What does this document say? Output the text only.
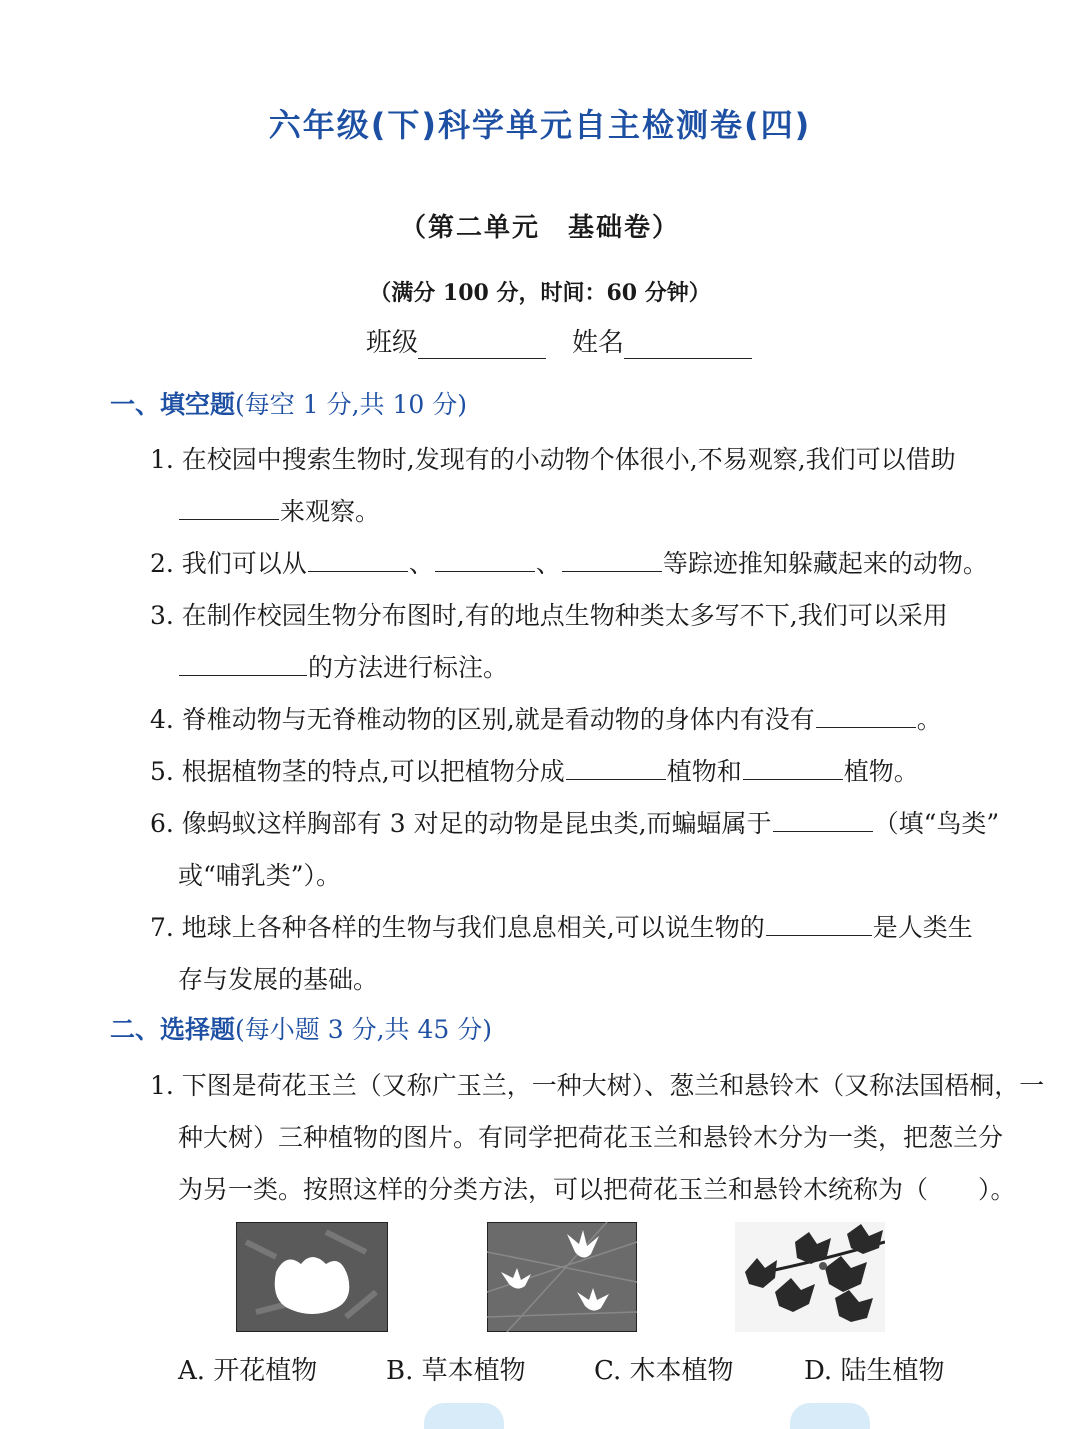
六年级(下)科学单元自主检测卷(四)
（第二单元　基础卷）
（满分 100 分，时间：60 分钟）
班级	姓名
一、填空题(每空 1 分,共 10 分)
1. 在校园中搜索生物时,发现有的小动物个体很小,不易观察,我们可以借助
来观察。
2. 我们可以从	、	、	等踪迹推知躲藏起来的动物。
3. 在制作校园生物分布图时,有的地点生物种类太多写不下,我们可以采用
的方法进行标注。
4. 脊椎动物与无脊椎动物的区别,就是看动物的身体内有没有	。
5. 根据植物茎的特点,可以把植物分成	植物和	植物。
6. 像蚂蚁这样胸部有 3 对足的动物是昆虫类,而蝙蝠属于	（填“鸟类”
或“哺乳类”）。
7. 地球上各种各样的生物与我们息息相关,可以说生物的	是人类生
存与发展的基础。
二、选择题(每小题 3 分,共 45 分)
1. 下图是荷花玉兰（又称广玉兰，一种大树）、葱兰和悬铃木（又称法国梧桐，一
种大树）三种植物的图片。有同学把荷花玉兰和悬铃木分为一类，把葱兰分
为另一类。按照这样的分类方法，可以把荷花玉兰和悬铃木统称为（　　）。
A. 开花植物	B. 草本植物	C. 木本植物	D. 陆生植物
